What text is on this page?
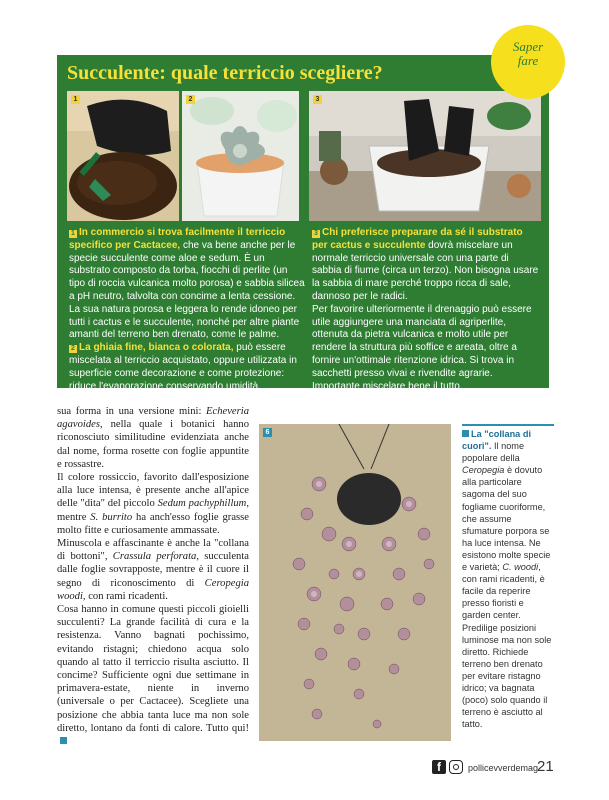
Succulente: quale terriccio scegliere?
1	2	3
1 In commercio si trova facilmente il terriccio specifico per Cactacee, che va bene anche per le specie succulente come aloe e sedum. È un substrato composto da torba, fiocchi di perlite (un tipo di roccia vulcanica molto porosa) e sabbia silicea a pH neutro, talvolta con concime a lenta cessione. La sua natura porosa e leggera lo rende idoneo per tutti i cactus e le succulente, nonché per altre piante amanti del terreno ben drenato, come le palme.
2 La ghiaia fine, bianca o colorata, può essere miscelata al terriccio acquistato, oppure utilizzata in superficie come decorazione e come protezione: riduce l'evaporazione conservando umidità.
3 Chi preferisce preparare da sé il substrato per cactus e succulente dovrà miscelare un normale terriccio universale con una parte di sabbia di fiume (circa un terzo). Non bisogna usare la sabbia di mare perché troppo ricca di sale, dannoso per le radici.
Per favorire ulteriormente il drenaggio può essere utile aggiungere una manciata di agriperlite, ottenuta da pietra vulcanica e molto utile per rendere la struttura più soffice e areata, oltre a fornire un'ottimale ritenzione idrica. Si trova in sacchetti presso vivai e rivendite agrarie. Importante miscelare bene il tutto.
Saper
fare

sua forma in una versione mini: Echeveria agavoides, nella quale i botanici hanno riconosciuto similitudine evidenziata anche dal nome, forma rosette con foglie appuntite e rossastre.

Il colore rossiccio, favorito dall'esposizione alla luce intensa, è presente anche all'apice delle "dita" del piccolo Sedum pachyphillum, mentre S. burrito ha anch'esso foglie grasse molto fitte e curiosamente ammassate.

Minuscola e affascinante è anche la "collana di bottoni", Crassula perforata, succulenta dalle foglie sovrapposte, mentre è il cuore il segno di riconoscimento di Ceropegia woodi, con rami ricadenti.

Cosa hanno in comune questi piccoli gioielli succulenti? La grande facilità di cura e la resistenza. Vanno bagnati pochissimo, evitando ristagni; chiedono acqua solo quando al tatto il terriccio risulta asciutto. Il concime? Sufficiente ogni due settimane in primavera-estate, niente in inverno (universale o per Cactacee). Scegliete una posizione che abbia tanta luce ma non sole diretto, lontano da fonti di calore. Tutto qui!

6	La "collana di cuori". Il nome popolare della Ceropegia è dovuto alla particolare sagoma del suo fogliame cuoriforme, che assume sfumature porpora se ha luce intensa. Ne esistono molte specie e varietà; C. woodi, con rami ricadenti, è facile da reperire presso fioristi e garden center. Predilige posizioni luminose ma non sole diretto. Richiede terreno ben drenato per evitare ristagno idrico; va bagnata (poco) solo quando il terreno è asciutto al tatto.
f	pollicevverdemag
21
